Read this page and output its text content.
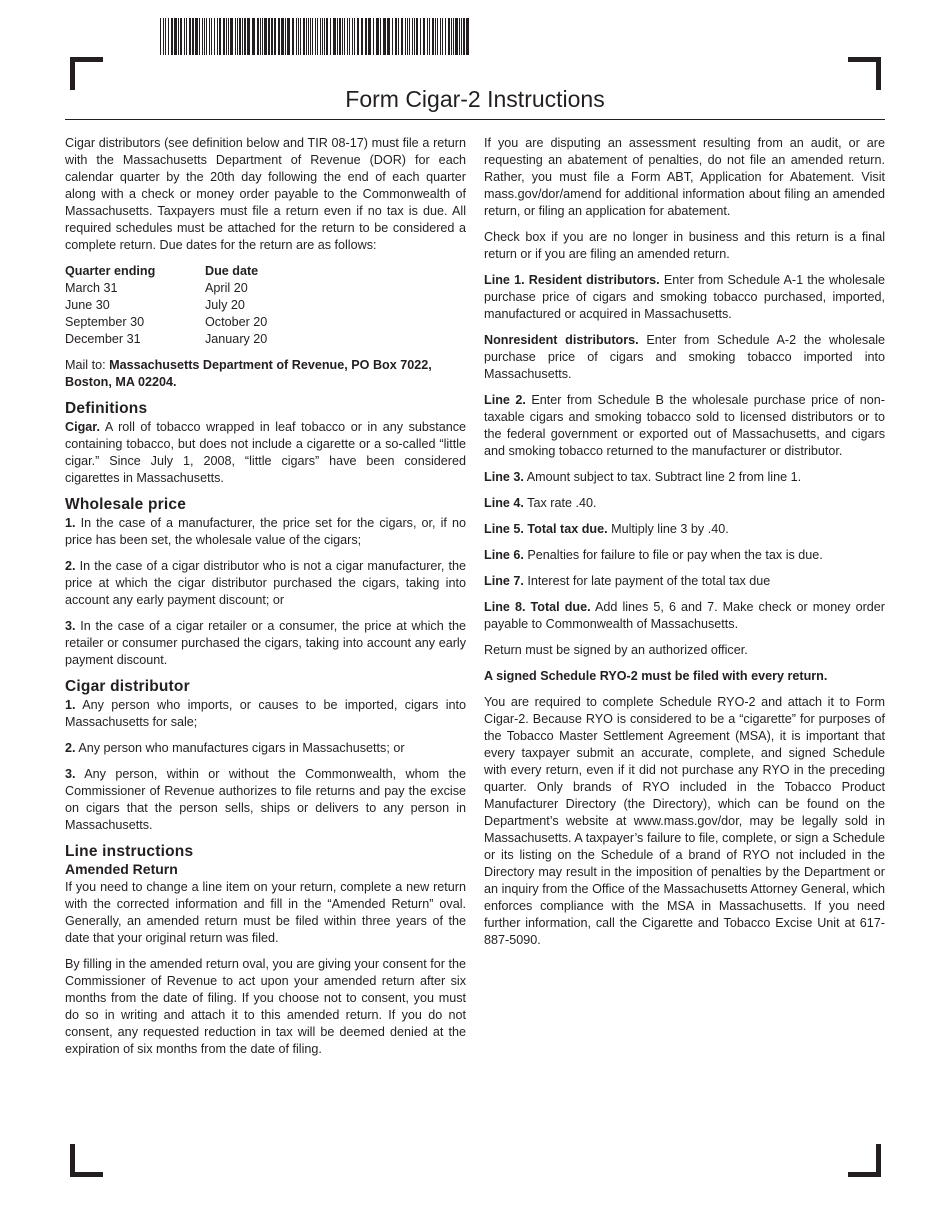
Form Cigar-2 Instructions

Cigar distributors (see definition below and TIR 08-17) must file a return with the Massachusetts Department of Revenue (DOR) for each calendar quarter by the 20th day following the end of each quarter along with a check or money order payable to the Commonwealth of Massachusetts. Taxpayers must file a return even if no tax is due. All required schedules must be attached for the return to be considered a complete return. Due dates for the return are as follows:

Quarter ending	Due date
March 31	April 20
June 30	July 20
September 30	October 20
December 31	January 20

Mail to: Massachusetts Department of Revenue, PO Box 7022, Boston, MA 02204.

Definitions

Cigar. A roll of tobacco wrapped in leaf tobacco or in any substance containing tobacco, but does not include a cigarette or a so-called “little cigar.” Since July 1, 2008, “little cigars” have been considered cigarettes in Massachusetts.

Wholesale price

1. In the case of a manufacturer, the price set for the cigars, or, if no price has been set, the wholesale value of the cigars;

2. In the case of a cigar distributor who is not a cigar manufacturer, the price at which the cigar distributor purchased the cigars, taking into account any early payment discount; or

3. In the case of a cigar retailer or a consumer, the price at which the retailer or consumer purchased the cigars, taking into account any early payment discount.

Cigar distributor

1. Any person who imports, or causes to be imported, cigars into Massachusetts for sale;

2. Any person who manufactures cigars in Massachusetts; or

3. Any person, within or without the Commonwealth, whom the Commissioner of Revenue authorizes to file returns and pay the excise on cigars that the person sells, ships or delivers to any person in Massachusetts.

Line instructions
Amended Return

If you need to change a line item on your return, complete a new return with the corrected information and fill in the “Amended Return” oval. Generally, an amended return must be filed within three years of the date that your original return was filed.

By filling in the amended return oval, you are giving your consent for the Commissioner of Revenue to act upon your amended return after six months from the date of filing. If you choose not to consent, you must do so in writing and attach it to this amended return. If you do not consent, any requested reduction in tax will be deemed denied at the expiration of six months from the date of filing.

If you are disputing an assessment resulting from an audit, or are requesting an abatement of penalties, do not file an amended return. Rather, you must file a Form ABT, Application for Abatement. Visit mass.gov/dor/amend for additional information about filing an amended return, or filing an application for abatement.

Check box if you are no longer in business and this return is a final return or if you are filing an amended return.

Line 1. Resident distributors. Enter from Schedule A-1 the wholesale purchase price of cigars and smoking tobacco purchased, imported, manufactured or acquired in Massachusetts.

Nonresident distributors. Enter from Schedule A-2 the wholesale purchase price of cigars and smoking tobacco imported into Massachusetts.

Line 2. Enter from Schedule B the wholesale purchase price of non-taxable cigars and smoking tobacco sold to licensed distributors or to the federal government or exported out of Massachusetts, and cigars and smoking tobacco returned to the manufacturer or distributor.

Line 3. Amount subject to tax. Subtract line 2 from line 1.

Line 4. Tax rate .40.

Line 5. Total tax due. Multiply line 3 by .40.

Line 6. Penalties for failure to file or pay when the tax is due.

Line 7. Interest for late payment of the total tax due

Line 8. Total due. Add lines 5, 6 and 7. Make check or money order payable to Commonwealth of Massachusetts.

Return must be signed by an authorized officer.

A signed Schedule RYO-2 must be filed with every return.

You are required to complete Schedule RYO-2 and attach it to Form Cigar-2. Because RYO is considered to be a “cigarette” for purposes of the Tobacco Master Settlement Agreement (MSA), it is important that every taxpayer submit an accurate, complete, and signed Schedule with every return, even if it did not purchase any RYO in the preceding quarter. Only brands of RYO included in the Tobacco Product Manufacturer Directory (the Directory), which can be found on the Department’s website at www.mass.gov/dor, may be legally sold in Massachusetts. A taxpayer’s failure to file, complete, or sign a Schedule or its listing on the Schedule of a brand of RYO not included in the Directory may result in the imposition of penalties by the Department or an inquiry from the Office of the Massachusetts Attorney General, which enforces compliance with the MSA in Massachusetts. If you need further information, call the Cigarette and Tobacco Excise Unit at 617-887-5090.
